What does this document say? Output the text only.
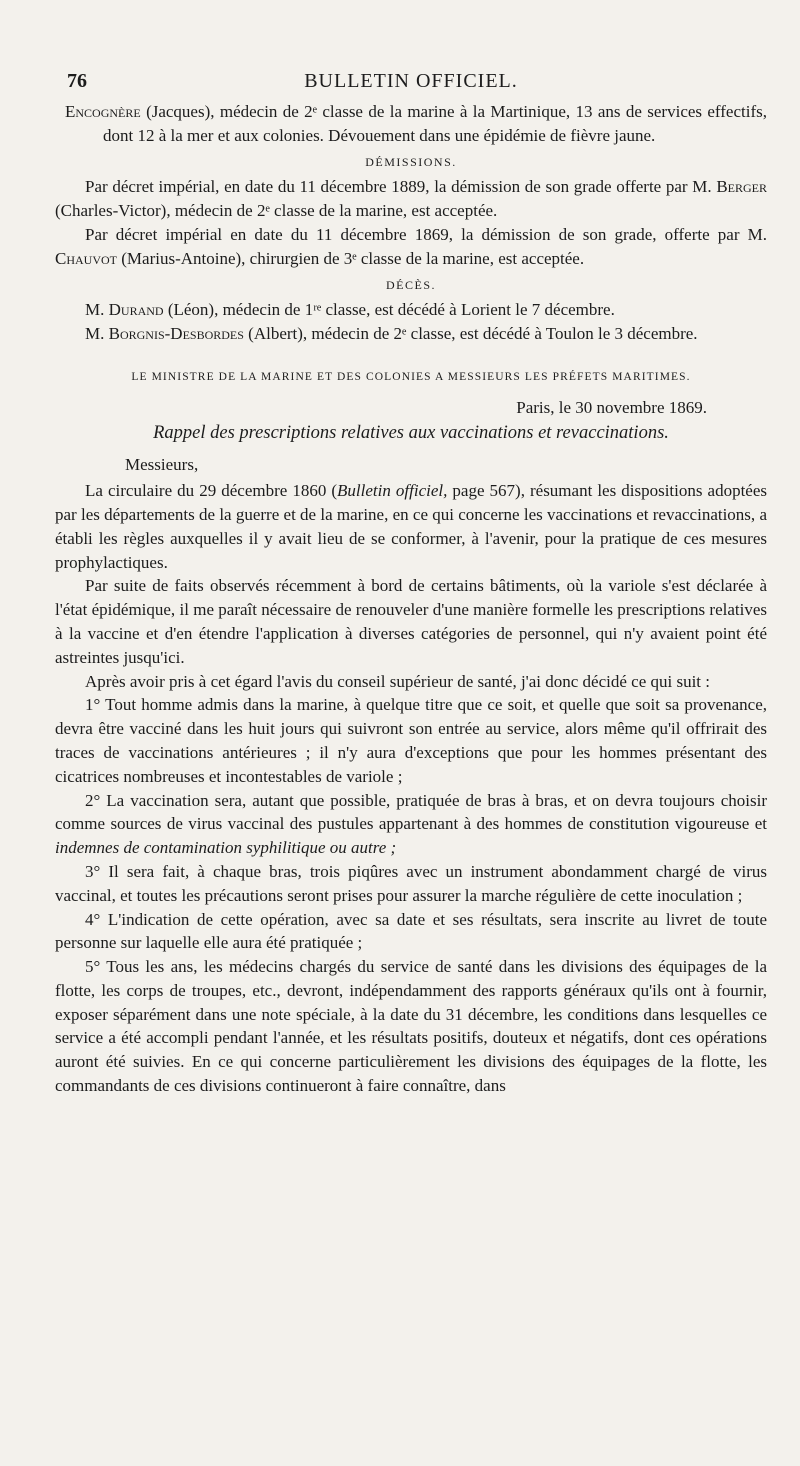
76	BULLETIN OFFICIEL.

Encognère (Jacques), médecin de 2ᵉ classe de la marine à la Martinique, 13 ans de services effectifs, dont 12 à la mer et aux colonies. Dévouement dans une épidémie de fièvre jaune.

DÉMISSIONS.

Par décret impérial, en date du 11 décembre 1889, la démission de son grade offerte par M. Berger (Charles-Victor), médecin de 2ᵉ classe de la marine, est acceptée.

Par décret impérial en date du 11 décembre 1869, la démission de son grade, offerte par M. Chauvot (Marius-Antoine), chirurgien de 3ᵉ classe de la marine, est acceptée.

DÉCÈS.

M. Durand (Léon), médecin de 1ʳᵉ classe, est décédé à Lorient le 7 décembre.

M. Borgnis-Desbordes (Albert), médecin de 2ᵉ classe, est décédé à Toulon le 3 décembre.

LE MINISTRE DE LA MARINE ET DES COLONIES A MESSIEURS LES PRÉFETS MARITIMES.
Paris, le 30 novembre 1869.
Rappel des prescriptions relatives aux vaccinations et revaccinations.
Messieurs,

La circulaire du 29 décembre 1860 (Bulletin officiel, page 567), résumant les dispositions adoptées par les départements de la guerre et de la marine, en ce qui concerne les vaccinations et revaccinations, a établi les règles auxquelles il y avait lieu de se conformer, à l'avenir, pour la pratique de ces mesures prophylactiques.

Par suite de faits observés récemment à bord de certains bâtiments, où la variole s'est déclarée à l'état épidémique, il me paraît nécessaire de renouveler d'une manière formelle les prescriptions relatives à la vaccine et d'en étendre l'application à diverses catégories de personnel, qui n'y avaient point été astreintes jusqu'ici.

Après avoir pris à cet égard l'avis du conseil supérieur de santé, j'ai donc décidé ce qui suit :

1° Tout homme admis dans la marine, à quelque titre que ce soit, et quelle que soit sa provenance, devra être vacciné dans les huit jours qui suivront son entrée au service, alors même qu'il offrirait des traces de vaccinations antérieures ; il n'y aura d'exceptions que pour les hommes présentant des cicatrices nombreuses et incontestables de variole ;

2° La vaccination sera, autant que possible, pratiquée de bras à bras, et on devra toujours choisir comme sources de virus vaccinal des pustules appartenant à des hommes de constitution vigoureuse et indemnes de contamination syphilitique ou autre ;

3° Il sera fait, à chaque bras, trois piqûres avec un instrument abondamment chargé de virus vaccinal, et toutes les précautions seront prises pour assurer la marche régulière de cette inoculation ;

4° L'indication de cette opération, avec sa date et ses résultats, sera inscrite au livret de toute personne sur laquelle elle aura été pratiquée ;

5° Tous les ans, les médecins chargés du service de santé dans les divisions des équipages de la flotte, les corps de troupes, etc., devront, indépendamment des rapports généraux qu'ils ont à fournir, exposer séparément dans une note spéciale, à la date du 31 décembre, les conditions dans lesquelles ce service a été accompli pendant l'année, et les résultats positifs, douteux et négatifs, dont ces opérations auront été suivies. En ce qui concerne particulièrement les divisions des équipages de la flotte, les commandants de ces divisions continueront à faire connaître, dans
